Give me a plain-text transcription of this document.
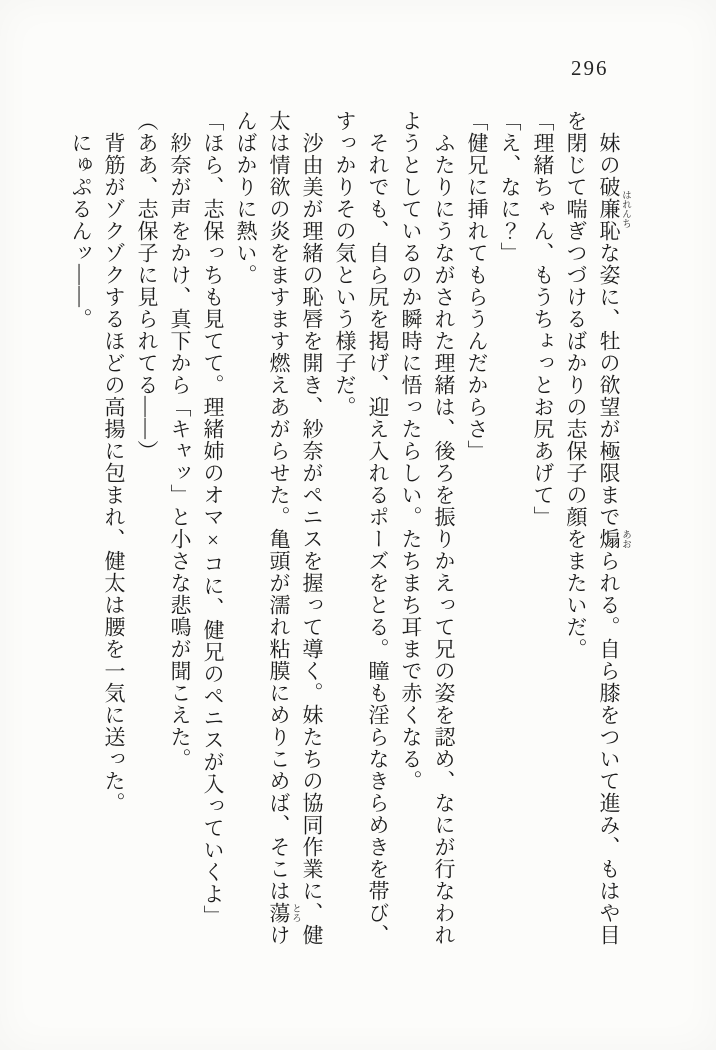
296

妹の破廉恥 はれんちな姿に、牡の欲望が極限まで煽 あおられる。自ら膝をついて進み、もはや目を閉じて喘ぎつづけるばかりの志保子の顔をまたいだ。

「理緒ちゃん、もうちょっとお尻あげて」

「え、なに？」

「健兄に挿れてもらうんだからさ」

ふたりにうながされた理緒は、後ろを振りかえって兄の姿を認め、なにが行なわれようとしているのか瞬時に悟ったらしい。たちまち耳まで赤くなる。

それでも、自ら尻を掲げ、迎え入れるポーズをとる。瞳も淫らなきらめきを帯び、すっかりその気という様子だ。

沙由美が理緒の恥唇を開き、紗奈がペニスを握って導く。妹たちの協同作業に、健太は情欲の炎をますます燃えあがらせた。亀頭が濡れ粘膜にめりこめば、そこは蕩 とろけんばかりに熱い。

「ほら、志保っちも見てて。理緒姉のオマ×コに、健兄のペニスが入っていくよ」

紗奈が声をかけ、真下から「キャッ」と小さな悲鳴が聞こえた。

（ああ、志保子に見られてる——）

背筋がゾクゾクするほどの高揚に包まれ、健太は腰を一気に送った。

にゅぷるんッ——。
